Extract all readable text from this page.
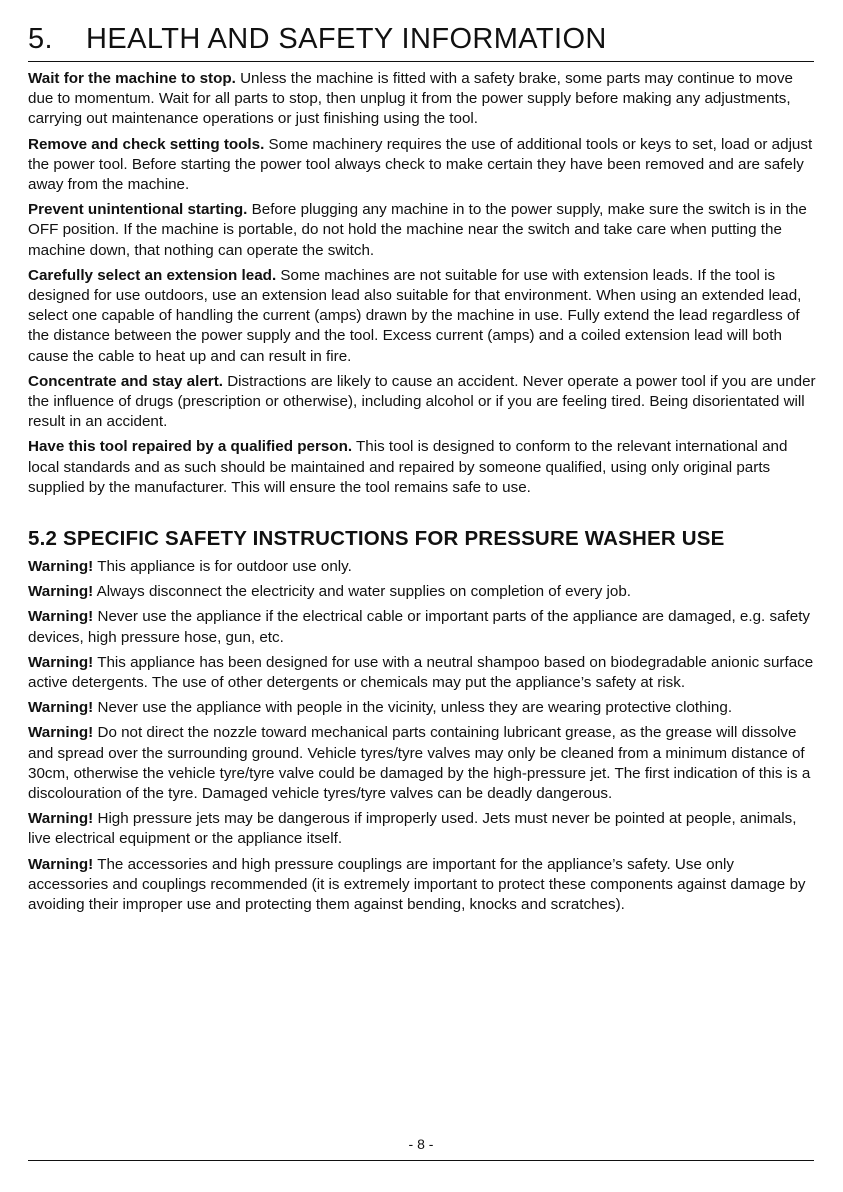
5. HEALTH AND SAFETY INFORMATION

Wait for the machine to stop. Unless the machine is fitted with a safety brake, some parts may continue to move due to momentum. Wait for all parts to stop, then unplug it from the power supply before making any adjustments, carrying out maintenance operations or just finishing using the tool.

Remove and check setting tools. Some machinery requires the use of additional tools or keys to set, load or adjust the power tool. Before starting the power tool always check to make certain they have been removed and are safely away from the machine.

Prevent unintentional starting. Before plugging any machine in to the power supply, make sure the switch is in the OFF position. If the machine is portable, do not hold the machine near the switch and take care when putting the machine down, that nothing can operate the switch.

Carefully select an extension lead. Some machines are not suitable for use with extension leads. If the tool is designed for use outdoors, use an extension lead also suitable for that environment. When using an extended lead, select one capable of handling the current (amps) drawn by the machine in use. Fully extend the lead regardless of the distance between the power supply and the tool. Excess current (amps) and a coiled extension lead will both cause the cable to heat up and can result in fire.

Concentrate and stay alert. Distractions are likely to cause an accident. Never operate a power tool if you are under the influence of drugs (prescription or otherwise), including alcohol or if you are feeling tired. Being disorientated will result in an accident.

Have this tool repaired by a qualified person. This tool is designed to conform to the relevant international and local standards and as such should be maintained and repaired by someone qualified, using only original parts supplied by the manufacturer. This will ensure the tool remains safe to use.

5.2 SPECIFIC SAFETY INSTRUCTIONS FOR PRESSURE WASHER USE

Warning! This appliance is for outdoor use only.

Warning! Always disconnect the electricity and water supplies on completion of every job.

Warning! Never use the appliance if the electrical cable or important parts of the appliance are damaged, e.g. safety devices, high pressure hose, gun, etc.

Warning! This appliance has been designed for use with a neutral shampoo based on biodegradable anionic surface active detergents. The use of other detergents or chemicals may put the appliance’s safety at risk.

Warning! Never use the appliance with people in the vicinity, unless they are wearing protective clothing.

Warning! Do not direct the nozzle toward mechanical parts containing lubricant grease, as the grease will dissolve and spread over the surrounding ground. Vehicle tyres/tyre valves may only be cleaned from a minimum distance of 30cm, otherwise the vehicle tyre/tyre valve could be damaged by the high-pressure jet. The first indication of this is a discolouration of the tyre. Damaged vehicle tyres/tyre valves can be deadly dangerous.

Warning! High pressure jets may be dangerous if improperly used. Jets must never be pointed at people, animals, live electrical equipment or the appliance itself.

Warning! The accessories and high pressure couplings are important for the appliance’s safety. Use only accessories and couplings recommended (it is extremely important to protect these components against damage by avoiding their improper use and protecting them against bending, knocks and scratches).

- 8 -
